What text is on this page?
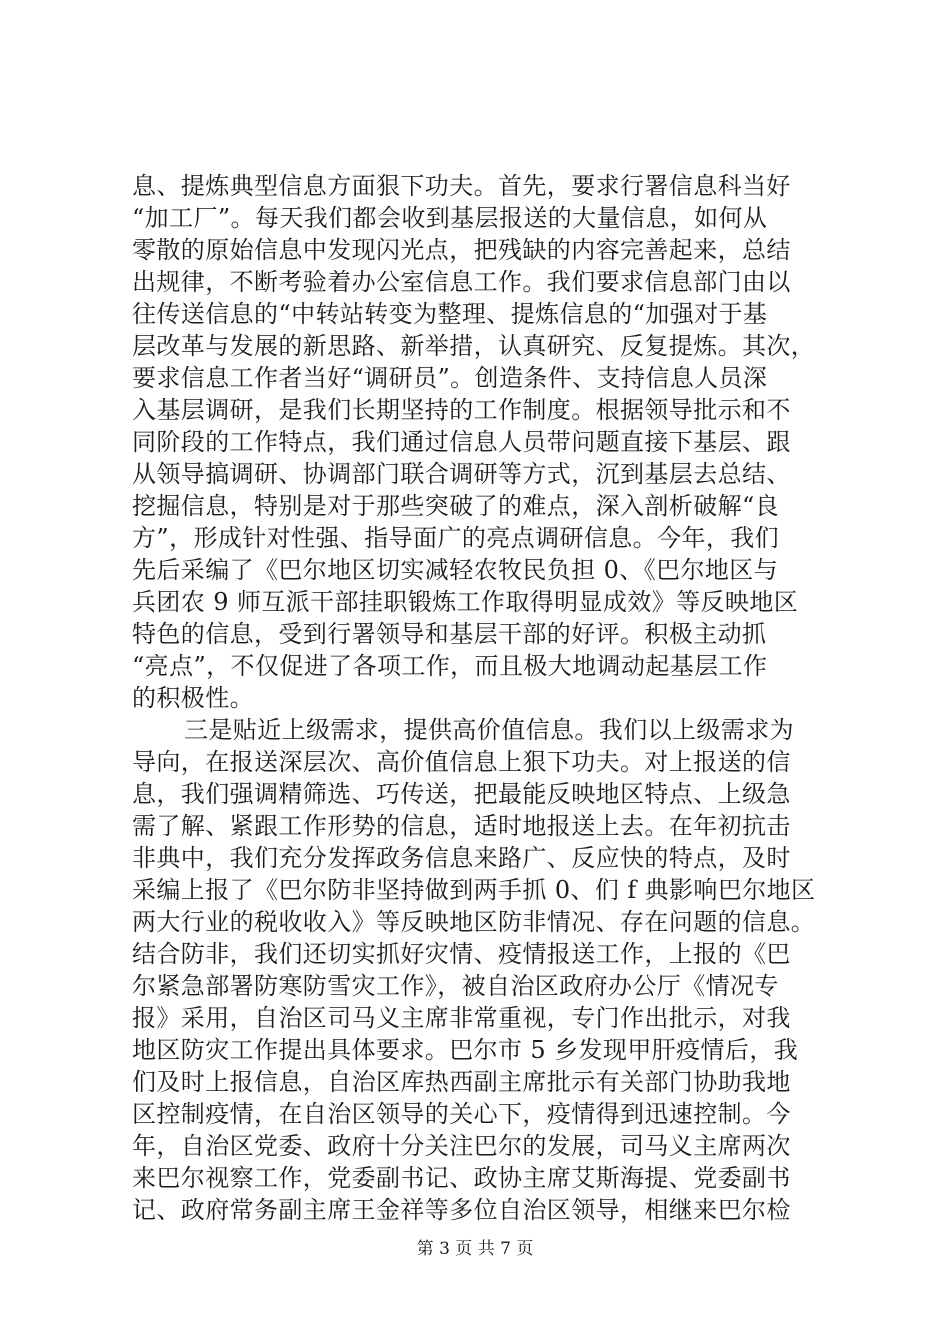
息、提炼典型信息方面狠下功夫。首先，要求行署信息科当好
“加工厂”。每天我们都会收到基层报送的大量信息，如何从
零散的原始信息中发现闪光点，把残缺的内容完善起来，总结
出规律，不断考验着办公室信息工作。我们要求信息部门由以
往传送信息的“中转站转变为整理、提炼信息的“加强对于基
层改革与发展的新思路、新举措，认真研究、反复提炼。其次，
要求信息工作者当好“调研员”。创造条件、支持信息人员深
入基层调研，是我们长期坚持的工作制度。根据领导批示和不
同阶段的工作特点，我们通过信息人员带问题直接下基层、跟
从领导搞调研、协调部门联合调研等方式，沉到基层去总结、
挖掘信息，特别是对于那些突破了的难点，深入剖析破解“良
方”，形成针对性强、指导面广的亮点调研信息。今年，我们
先后采编了《巴尔地区切实减轻农牧民负担 0、《巴尔地区与
兵团农 9 师互派干部挂职锻炼工作取得明显成效》等反映地区
特色的信息，受到行署领导和基层干部的好评。积极主动抓
“亮点”，不仅促进了各项工作，而且极大地调动起基层工作
的积极性。
三是贴近上级需求，提供高价值信息。我们以上级需求为
导向，在报送深层次、高价值信息上狠下功夫。对上报送的信
息，我们强调精筛选、巧传送，把最能反映地区特点、上级急
需了解、紧跟工作形势的信息，适时地报送上去。在年初抗击
非典中，我们充分发挥政务信息来路广、反应快的特点，及时
采编上报了《巴尔防非坚持做到两手抓 0、们 f 典影响巴尔地区
两大行业的税收收入》等反映地区防非情况、存在问题的信息。
结合防非，我们还切实抓好灾情、疫情报送工作，上报的《巴
尔紧急部署防寒防雪灾工作》，被自治区政府办公厅《情况专
报》采用，自治区司马义主席非常重视，专门作出批示，对我
地区防灾工作提出具体要求。巴尔市 5 乡发现甲肝疫情后，我
们及时上报信息，自治区库热西副主席批示有关部门协助我地
区控制疫情，在自治区领导的关心下，疫情得到迅速控制。今
年，自治区党委、政府十分关注巴尔的发展，司马义主席两次
来巴尔视察工作，党委副书记、政协主席艾斯海提、党委副书
记、政府常务副主席王金祥等多位自治区领导，相继来巴尔检
第 3 页 共 7 页
